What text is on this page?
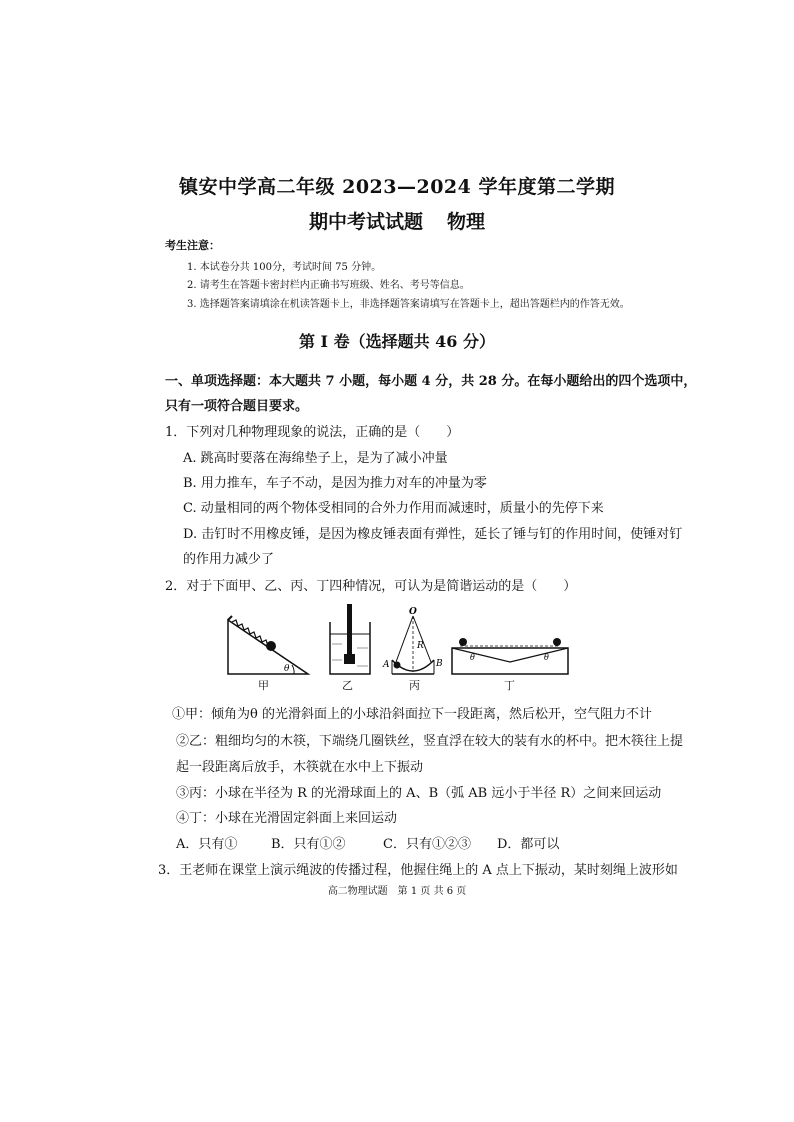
镇安中学高二年级 2023—2024 学年度第二学期
期中考试试题 物理
考生注意：
1. 本试卷分共 100分，考试时间 75 分钟。
2. 请考生在答题卡密封栏内正确书写班级、姓名、考号等信息。
3. 选择题答案请填涂在机读答题卡上，非选择题答案请填写在答题卡上，超出答题栏内的作答无效。
第 I 卷（选择题共 46 分）
一、单项选择题：本大题共 7 小题，每小题 4 分，共 28 分。在每小题给出的四个选项中，
只有一项符合题目要求。
1．下列对几种物理现象的说法，正确的是（　　）
A. 跳高时要落在海绵垫子上，是为了减小冲量
B. 用力推车，车子不动，是因为推力对车的冲量为零
C. 动量相同的两个物体受相同的合外力作用而减速时，质量小的先停下来
D. 击钉时不用橡皮锤，是因为橡皮锤表面有弹性，延长了锤与钉的作用时间，使锤对钉
的作用力减少了
2．对于下面甲、乙、丙、丁四种情况，可认为是简谐运动的是（　　）
θ
O
R
A	B
θ	θ
甲	乙	丙	丁
①甲：倾角为θ 的光滑斜面上的小球沿斜面拉下一段距离，然后松开，空气阻力不计
②乙：粗细均匀的木筷，下端绕几圈铁丝，竖直浮在较大的装有水的杯中。把木筷往上提
起一段距离后放手，木筷就在水中上下振动
③丙：小球在半径为 R 的光滑球面上的 A、B（弧 AB 远小于半径 R）之间来回运动
④丁：小球在光滑固定斜面上来回运动
A．只有①	B．只有①②	C．只有①②③ D．都可以
3．王老师在课堂上演示绳波的传播过程，他握住绳上的 A 点上下振动，某时刻绳上波形如
高二物理试题　第 1 页 共 6 页
